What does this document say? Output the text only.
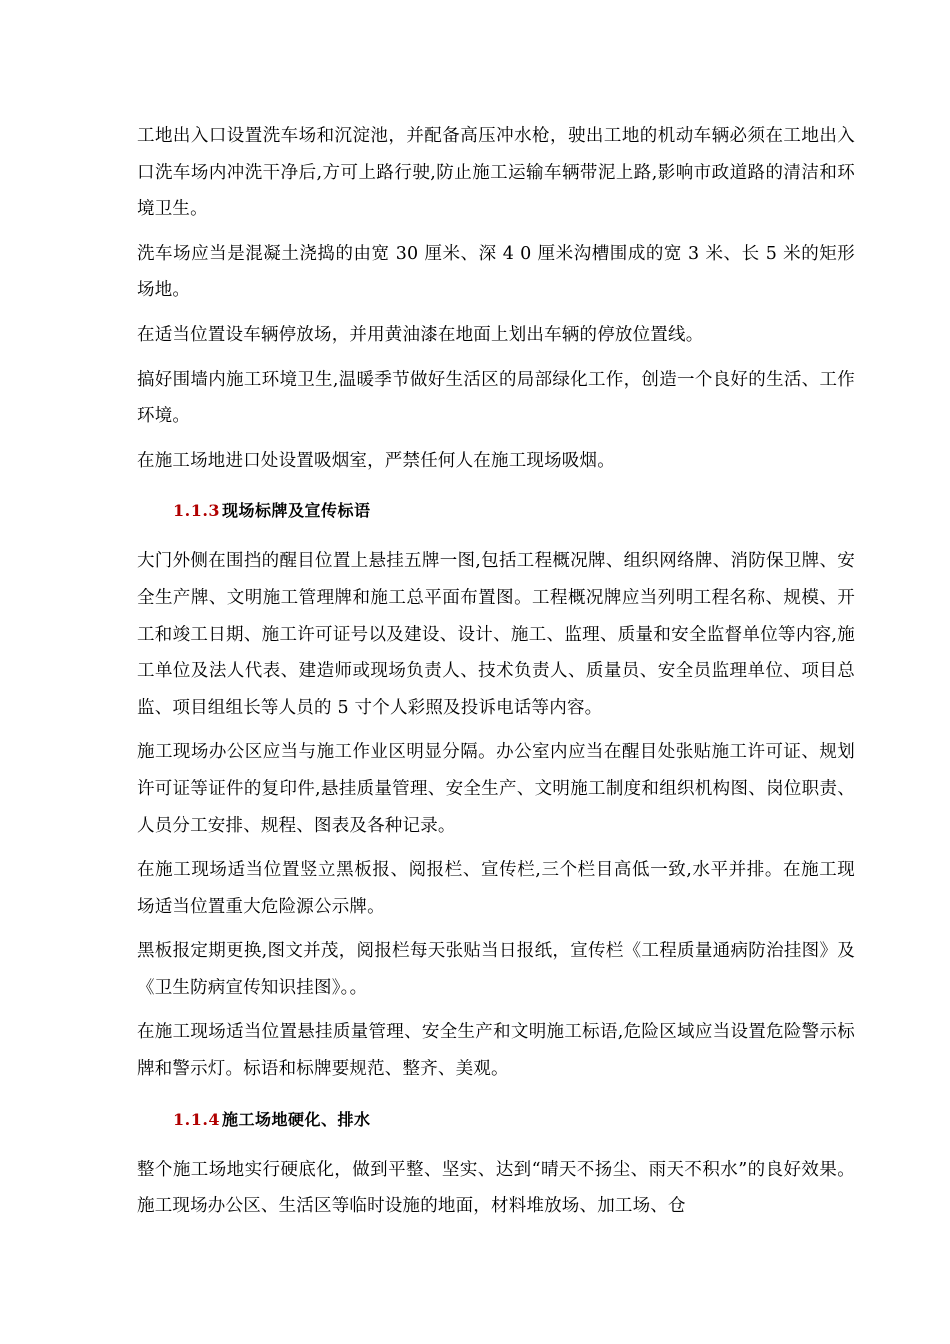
工地出入口设置洗车场和沉淀池，并配备高压冲水枪，驶出工地的机动车辆必须在工地出入口洗车场内冲洗干净后,方可上路行驶,防止施工运输车辆带泥上路,影响市政道路的清洁和环境卫生。

洗车场应当是混凝土浇捣的由宽 30 厘米、深 4 0 厘米沟槽围成的宽 3 米、长 5 米的矩形场地。

在适当位置设车辆停放场，并用黄油漆在地面上划出车辆的停放位置线。

搞好围墙内施工环境卫生,温暖季节做好生活区的局部绿化工作，创造一个良好的生活、工作环境。

在施工场地进口处设置吸烟室，严禁任何人在施工现场吸烟。

1.1.3 现场标牌及宣传标语

大门外侧在围挡的醒目位置上悬挂五牌一图,包括工程概况牌、组织网络牌、消防保卫牌、安全生产牌、文明施工管理牌和施工总平面布置图。工程概况牌应当列明工程名称、规模、开工和竣工日期、施工许可证号以及建设、设计、施工、监理、质量和安全监督单位等内容,施工单位及法人代表、建造师或现场负责人、技术负责人、质量员、安全员监理单位、项目总监、项目组组长等人员的 5 寸个人彩照及投诉电话等内容。

施工现场办公区应当与施工作业区明显分隔。办公室内应当在醒目处张贴施工许可证、规划许可证等证件的复印件,悬挂质量管理、安全生产、文明施工制度和组织机构图、岗位职责、人员分工安排、规程、图表及各种记录。

在施工现场适当位置竖立黑板报、阅报栏、宣传栏,三个栏目高低一致,水平并排。在施工现场适当位置重大危险源公示牌。

黑板报定期更换,图文并茂，阅报栏每天张贴当日报纸，宣传栏《工程质量通病防治挂图》及《卫生防病宣传知识挂图》。。

在施工现场适当位置悬挂质量管理、安全生产和文明施工标语,危险区域应当设置危险警示标牌和警示灯。标语和标牌要规范、整齐、美观。

1.1.4 施工场地硬化、排水

整个施工场地实行硬底化，做到平整、坚实、达到“晴天不扬尘、雨天不积水”的良好效果。施工现场办公区、生活区等临时设施的地面，材料堆放场、加工场、仓
